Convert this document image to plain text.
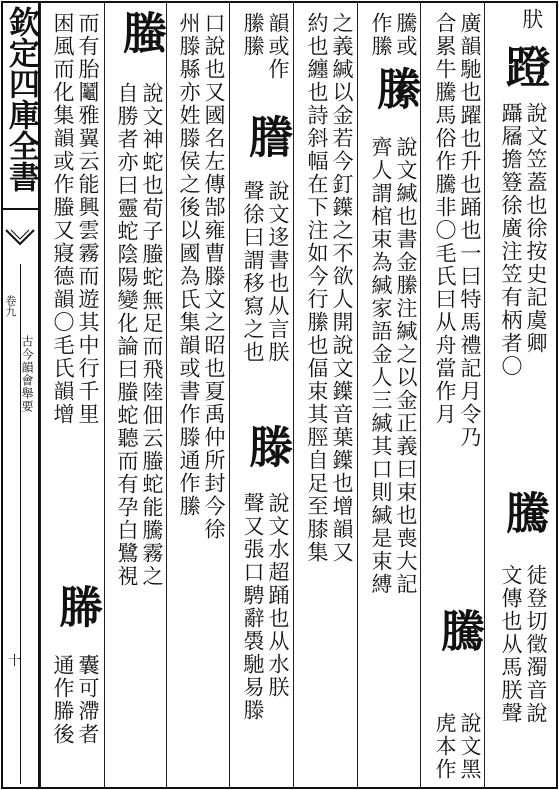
欽定四庫全書
卷九
古今韻會舉要
十
肰
蹬
說文笠蓋也徐按史記虞卿
躡屩擔簦徐廣注笠有柄者〇
騰
徒登切徵濁音說
文傳也从馬朕聲
廣韻馳也躍也升也踊也一曰特馬禮記月令乃
合累牛騰馬俗作騰非〇毛氏曰从舟當作月
騰
說文黑
虎本作
騰或
作縢
縢
說文緘也書金縢注緘之以金正義曰束也喪大記
齊人謂棺束為緘家語金人三緘其口則緘是束縛
之義緘以金若今釘鐷之不欲人開說文鐷音葉鐷也增韻又
約也纏也詩斜幅在下注如今行縢也偪束其脛自足至膝集
韻或作
縢縢
謄
說文迻書也从言朕
聲徐曰謂移寫之也
滕
說文水超踊也从水朕
聲又張口騁辭䮍馳易滕
口說也又國名左傳郜雍曹滕文之昭也夏禹仲所封今徐
州滕縣亦姓滕侯之後以國為氏集韻或書作滕通作縢
螣
說文神蛇也荀子螣蛇無足而飛陸佃云螣蛇能騰霧之
自勝者亦曰靈蛇陰陽變化論曰螣蛇聽而有孕白鷺視
而有胎鬮雅翼云能興雲霧而遊其中行千里
困風而化集韻或作螣又寢德韻〇毛氏韻增
幐
囊可滯者
通作幐後
